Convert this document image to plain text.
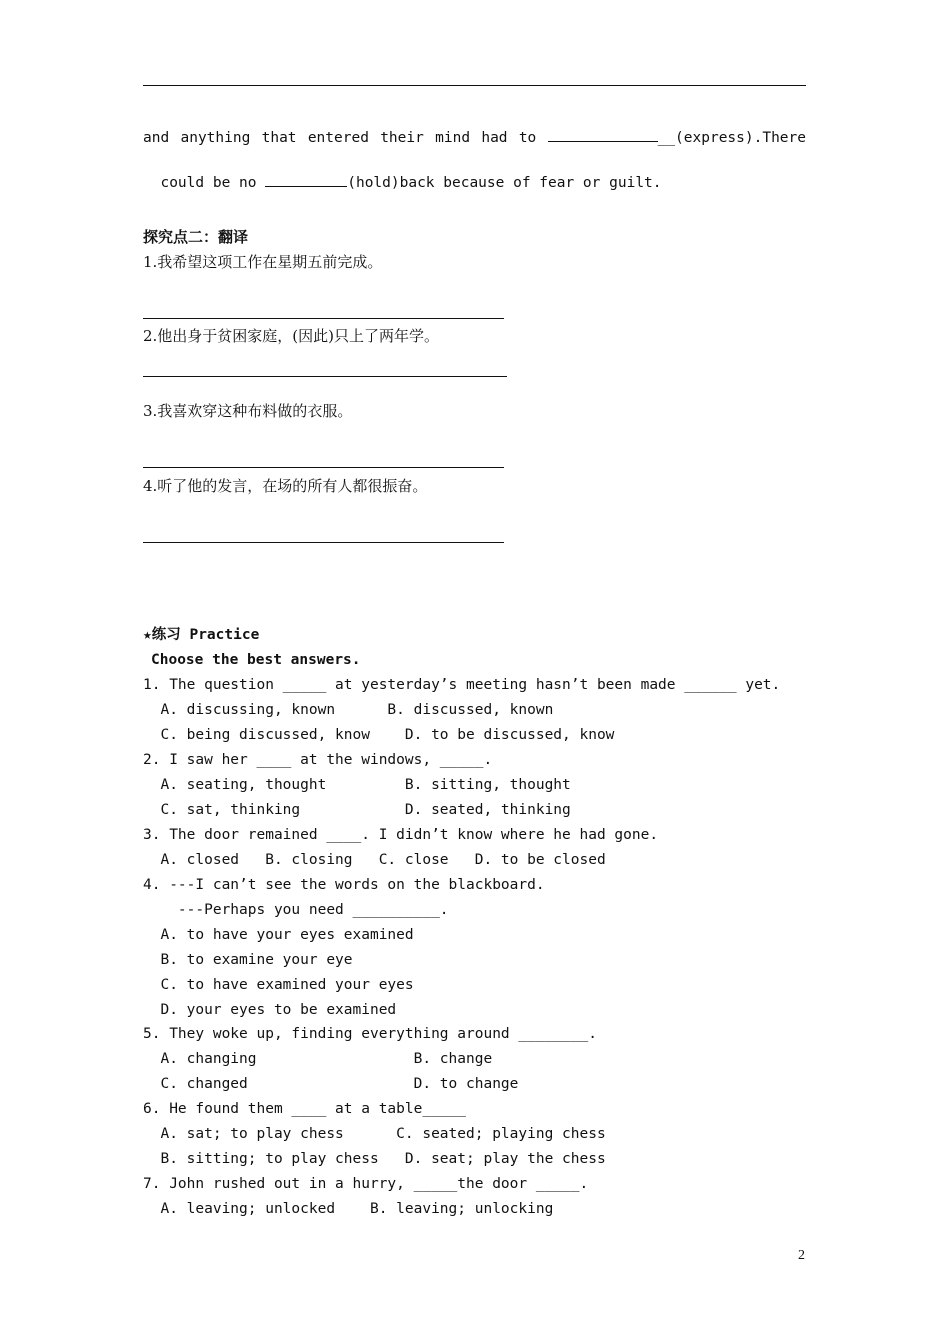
and anything that entered their mind had to	__(express).There

could be no	(hold)back because of fear or guilt.

探究点二：翻译
1.我希望这项工作在星期五前完成。
2.他出身于贫困家庭，(因此)只上了两年学。
3.我喜欢穿这种布料做的衣服。
4.听了他的发言，在场的所有人都很振奋。
★练习 Practice
Choose the best answers.
1. The question _____ at yesterday’s meeting hasn’t been made ______ yet.
A. discussing, known      B. discussed, known
C. being discussed, know    D. to be discussed, know
2. I saw her ____ at the windows, _____.
A. seating, thought         B. sitting, thought
C. sat, thinking            D. seated, thinking
3. The door remained ____. I didn’t know where he had gone.
A. closed   B. closing   C. close   D. to be closed
4. ---I can’t see the words on the blackboard.
---Perhaps you need __________.
A. to have your eyes examined
B. to examine your eye
C. to have examined your eyes
D. your eyes to be examined
5. They woke up, finding everything around ________.
A. changing                  B. change
C. changed                   D. to change
6. He found them ____ at a table_____
A. sat; to play chess      C. seated; playing chess
B. sitting; to play chess   D. seat; play the chess
7. John rushed out in a hurry, _____the door _____.
A. leaving; unlocked    B. leaving; unlocking
2
